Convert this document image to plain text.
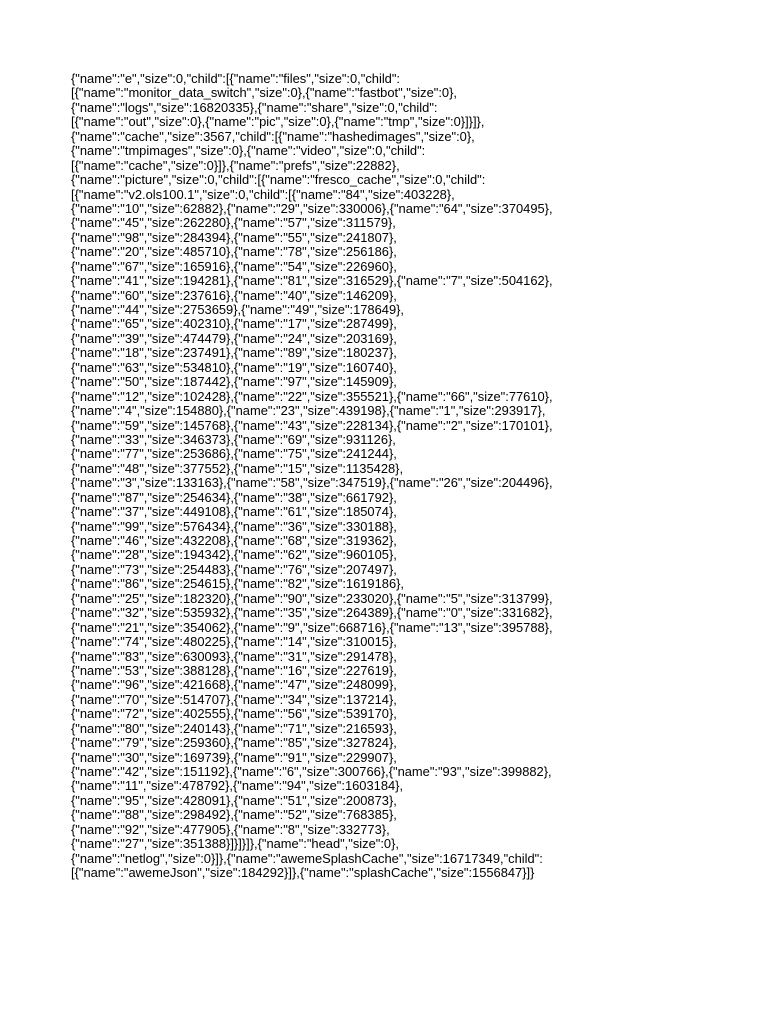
{"name":"e","size":0,"child":[{"name":"files","size":0,"child":
[{"name":"monitor_data_switch","size":0},{"name":"fastbot","size":0},
{"name":"logs","size":16820335},{"name":"share","size":0,"child":
[{"name":"out","size":0},{"name":"pic","size":0},{"name":"tmp","size":0}]}]},
{"name":"cache","size":3567,"child":[{"name":"hashedimages","size":0},
{"name":"tmpimages","size":0},{"name":"video","size":0,"child":
[{"name":"cache","size":0}]},{"name":"prefs","size":22882},
{"name":"picture","size":0,"child":[{"name":"fresco_cache","size":0,"child":
[{"name":"v2.ols100.1","size":0,"child":[{"name":"84","size":403228},
{"name":"10","size":62882},{"name":"29","size":330006},{"name":"64","size":370495},
{"name":"45","size":262280},{"name":"57","size":311579},
{"name":"98","size":284394},{"name":"55","size":241807},
{"name":"20","size":485710},{"name":"78","size":256186},
{"name":"67","size":165916},{"name":"54","size":226960},
{"name":"41","size":194281},{"name":"81","size":316529},{"name":"7","size":504162},
{"name":"60","size":237616},{"name":"40","size":146209},
{"name":"44","size":2753659},{"name":"49","size":178649},
{"name":"65","size":402310},{"name":"17","size":287499},
{"name":"39","size":474479},{"name":"24","size":203169},
{"name":"18","size":237491},{"name":"89","size":180237},
{"name":"63","size":534810},{"name":"19","size":160740},
{"name":"50","size":187442},{"name":"97","size":145909},
{"name":"12","size":102428},{"name":"22","size":355521},{"name":"66","size":77610},
{"name":"4","size":154880},{"name":"23","size":439198},{"name":"1","size":293917},
{"name":"59","size":145768},{"name":"43","size":228134},{"name":"2","size":170101},
{"name":"33","size":346373},{"name":"69","size":931126},
{"name":"77","size":253686},{"name":"75","size":241244},
{"name":"48","size":377552},{"name":"15","size":1135428},
{"name":"3","size":133163},{"name":"58","size":347519},{"name":"26","size":204496},
{"name":"87","size":254634},{"name":"38","size":661792},
{"name":"37","size":449108},{"name":"61","size":185074},
{"name":"99","size":576434},{"name":"36","size":330188},
{"name":"46","size":432208},{"name":"68","size":319362},
{"name":"28","size":194342},{"name":"62","size":960105},
{"name":"73","size":254483},{"name":"76","size":207497},
{"name":"86","size":254615},{"name":"82","size":1619186},
{"name":"25","size":182320},{"name":"90","size":233020},{"name":"5","size":313799},
{"name":"32","size":535932},{"name":"35","size":264389},{"name":"0","size":331682},
{"name":"21","size":354062},{"name":"9","size":668716},{"name":"13","size":395788},
{"name":"74","size":480225},{"name":"14","size":310015},
{"name":"83","size":630093},{"name":"31","size":291478},
{"name":"53","size":388128},{"name":"16","size":227619},
{"name":"96","size":421668},{"name":"47","size":248099},
{"name":"70","size":514707},{"name":"34","size":137214},
{"name":"72","size":402555},{"name":"56","size":539170},
{"name":"80","size":240143},{"name":"71","size":216593},
{"name":"79","size":259360},{"name":"85","size":327824},
{"name":"30","size":169739},{"name":"91","size":229907},
{"name":"42","size":151192},{"name":"6","size":300766},{"name":"93","size":399882},
{"name":"11","size":478792},{"name":"94","size":1603184},
{"name":"95","size":428091},{"name":"51","size":200873},
{"name":"88","size":298492},{"name":"52","size":768385},
{"name":"92","size":477905},{"name":"8","size":332773},
{"name":"27","size":351388}]}]}]},{"name":"head","size":0},
{"name":"netlog","size":0}]},{"name":"awemeSplashCache","size":16717349,"child":
[{"name":"awemeJson","size":184292}]},{"name":"splashCache","size":1556847}]}
